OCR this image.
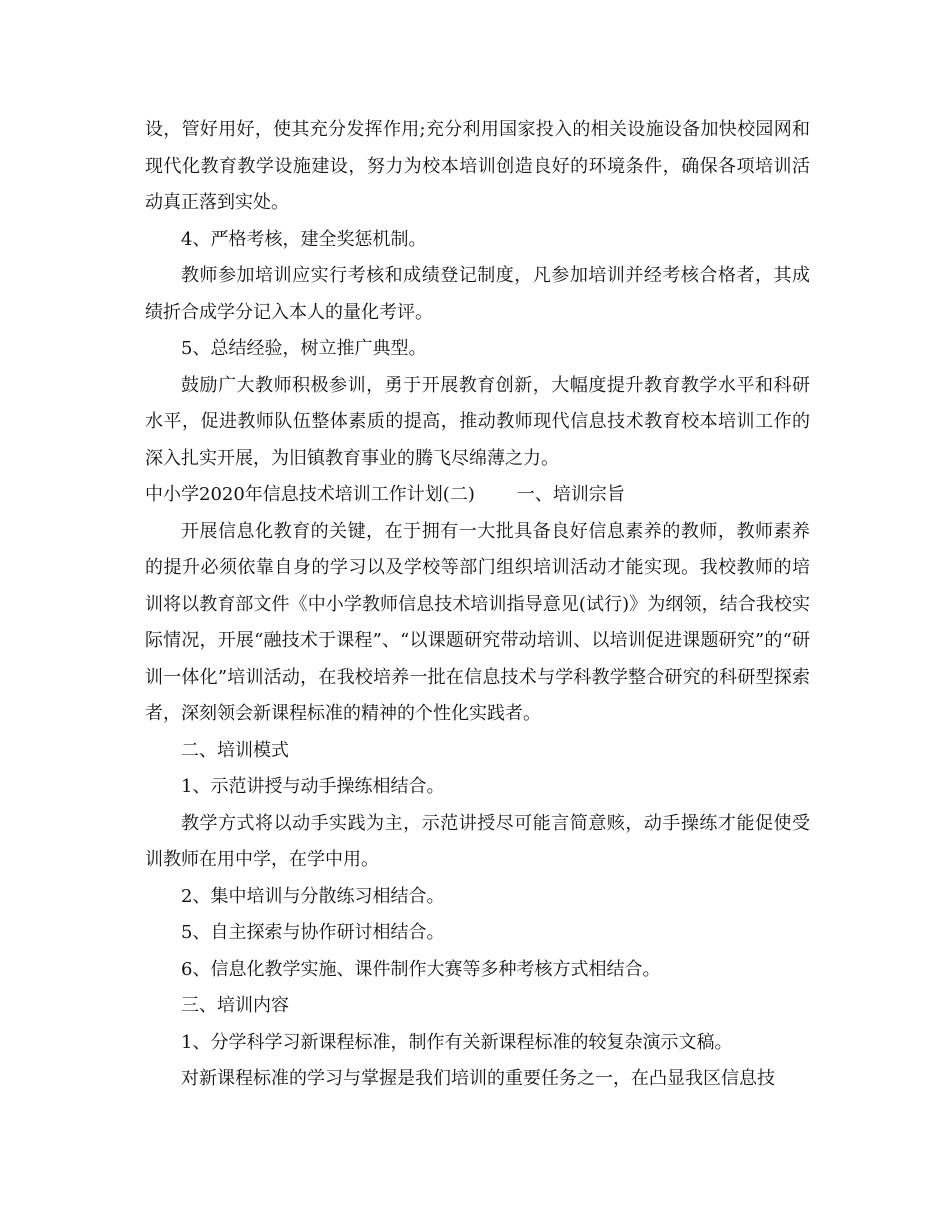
设，管好用好，使其充分发挥作用;充分利用国家投入的相关设施设备加快校园网和现代化教育教学设施建设，努力为校本培训创造良好的环境条件，确保各项培训活动真正落到实处。

4、严格考核，建全奖惩机制。

教师参加培训应实行考核和成绩登记制度，凡参加培训并经考核合格者，其成绩折合成学分记入本人的量化考评。

5、总结经验，树立推广典型。

鼓励广大教师积极参训，勇于开展教育创新，大幅度提升教育教学水平和科研水平，促进教师队伍整体素质的提高，推动教师现代信息技术教育校本培训工作的深入扎实开展，为旧镇教育事业的腾飞尽绵薄之力。

中小学2020年信息技术培训工作计划(二) 一、培训宗旨

开展信息化教育的关键，在于拥有一大批具备良好信息素养的教师，教师素养的提升必须依靠自身的学习以及学校等部门组织培训活动才能实现。我校教师的培训将以教育部文件《中小学教师信息技术培训指导意见(试行)》为纲领，结合我校实际情况，开展“融技术于课程”、“以课题研究带动培训、以培训促进课题研究”的“研训一体化”培训活动，在我校培养一批在信息技术与学科教学整合研究的科研型探索者，深刻领会新课程标准的精神的个性化实践者。

二、培训模式

1、示范讲授与动手操练相结合。

教学方式将以动手实践为主，示范讲授尽可能言简意赅，动手操练才能促使受训教师在用中学，在学中用。

2、集中培训与分散练习相结合。

5、自主探索与协作研讨相结合。

6、信息化教学实施、课件制作大赛等多种考核方式相结合。

三、培训内容

1、分学科学习新课程标准，制作有关新课程标准的较复杂演示文稿。

对新课程标准的学习与掌握是我们培训的重要任务之一，在凸显我区信息技
